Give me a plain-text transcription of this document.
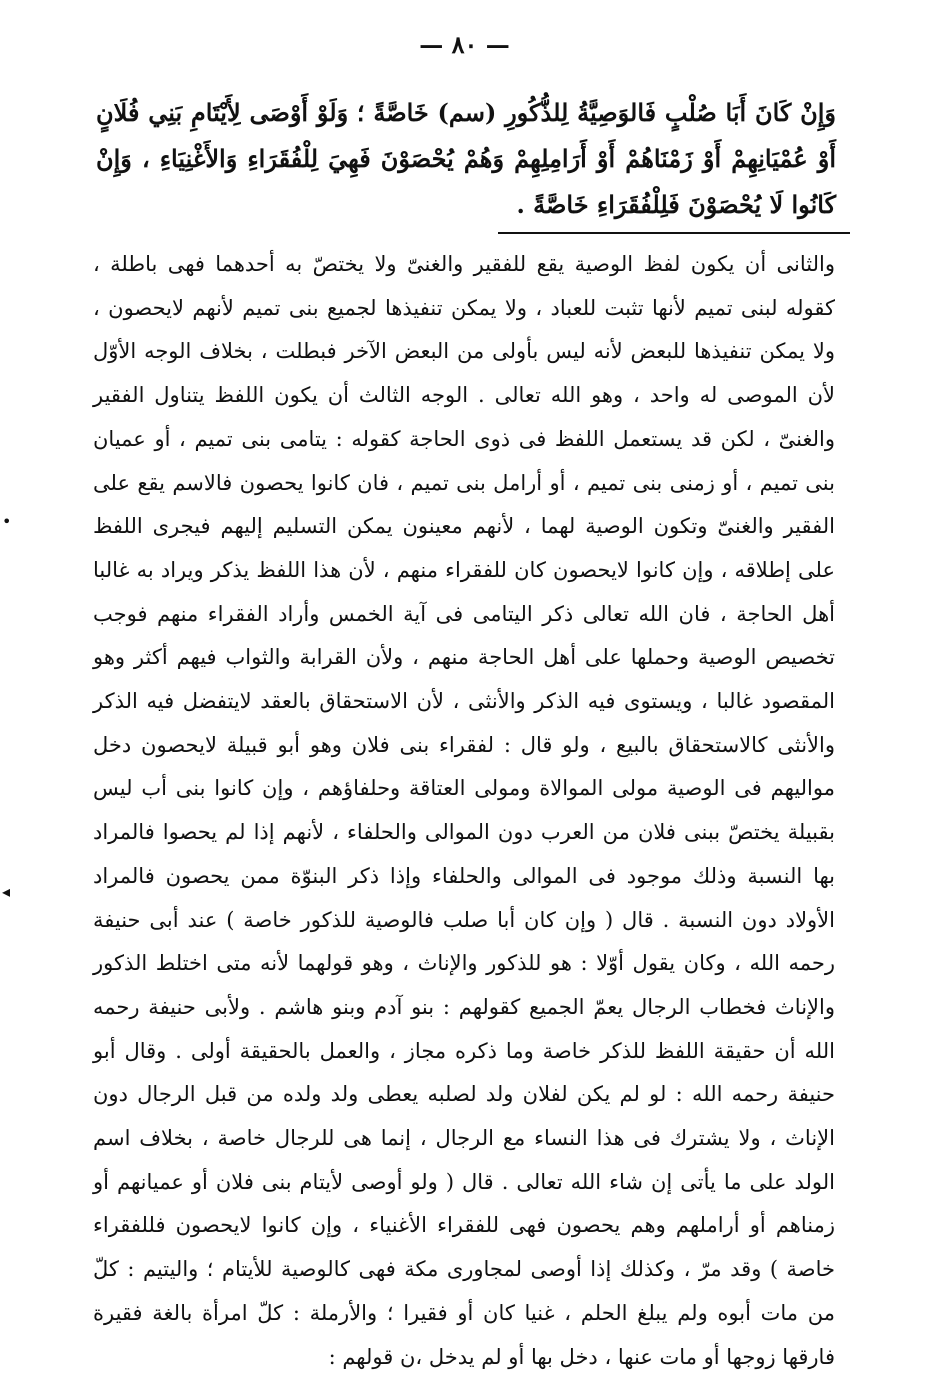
— ٨٠ —
وَإِنْ كَانَ أَبَا صُلْبٍ فَالوَصِيَّةُ لِلذُّكُورِ (سم) خَاصَّةً ؛ وَلَوْ أَوْصَى لِأَيْتَامِ بَنِي فُلَانٍ أَوْ عُمْيَانِهِمْ أَوْ زَمْنَاهُمْ أَوْ أَرَامِلِهِمْ وَهُمْ يُحْصَوْنَ فَهِيَ لِلْفُقَرَاءِ وَالأَغْنِيَاءِ ، وَإِنْ كَانُوا لَا يُحْصَوْنَ فَلِلْفُقَرَاءِ خَاصَّةً .

والثانى أن يكون لفظ الوصية يقع للفقير والغنىّ ولا يختصّ به أحدهما فهى باطلة ، كقوله لبنى تميم لأنها تثبت للعباد ، ولا يمكن تنفيذها لجميع بنى تميم لأنهم لايحصون ، ولا يمكن تنفيذها للبعض لأنه ليس بأولى من البعض الآخر فبطلت ، بخلاف الوجه الأوّل لأن الموصى له واحد ، وهو الله تعالى . الوجه الثالث أن يكون اللفظ يتناول الفقير والغنىّ ، لكن قد يستعمل اللفظ فى ذوى الحاجة كقوله : يتامى بنى تميم ، أو عميان بنى تميم ، أو زمنى بنى تميم ، أو أرامل بنى تميم ، فان كانوا يحصون فالاسم يقع على الفقير والغنىّ وتكون الوصية لهما ، لأنهم معينون يمكن التسليم إليهم فيجرى اللفظ على إطلاقه ، وإن كانوا لايحصون كان للفقراء منهم ، لأن هذا اللفظ يذكر ويراد به غالبا أهل الحاجة ، فان الله تعالى ذكر اليتامى فى آية الخمس وأراد الفقراء منهم فوجب تخصيص الوصية وحملها على أهل الحاجة منهم ، ولأن القرابة والثواب فيهم أكثر وهو المقصود غالبا ، ويستوى فيه الذكر والأنثى ، لأن الاستحقاق بالعقد لايتفضل فيه الذكر والأنثى كالاستحقاق بالبيع ، ولو قال : لفقراء بنى فلان وهو أبو قبيلة لايحصون دخل مواليهم فى الوصية مولى الموالاة ومولى العتاقة وحلفاؤهم ، وإن كانوا بنى أب ليس بقبيلة يختصّ ببنى فلان من العرب دون الموالى والحلفاء ، لأنهم إذا لم يحصوا فالمراد بها النسبة وذلك موجود فى الموالى والحلفاء وإذا ذكر البنوّة ممن يحصون فالمراد الأولاد دون النسبة . قال ( وإن كان أبا صلب فالوصية للذكور خاصة ) عند أبى حنيفة رحمه الله ، وكان يقول أوّلا : هو للذكور والإناث ، وهو قولهما لأنه متى اختلط الذكور والإناث فخطاب الرجال يعمّ الجميع كقولهم : بنو آدم وبنو هاشم . ولأبى حنيفة رحمه الله أن حقيقة اللفظ للذكر خاصة وما ذكره مجاز ، والعمل بالحقيقة أولى . وقال أبو حنيفة رحمه الله : لو لم يكن لفلان ولد لصلبه يعطى ولد ولده من قبل الرجال دون الإناث ، ولا يشترك فى هذا النساء مع الرجال ، إنما هى للرجال خاصة ، بخلاف اسم الولد على ما يأتى إن شاء الله تعالى . قال ( ولو أوصى لأيتام بنى فلان أو عميانهم أو زمناهم أو أراملهم وهم يحصون فهى للفقراء الأغنياء ، وإن كانوا لايحصون فللفقراء خاصة ) وقد مرّ ، وكذلك إذا أوصى لمجاورى مكة فهى كالوصية للأيتام ؛ واليتيم : كلّ من مات أبوه ولم يبلغ الحلم ، غنيا كان أو فقيرا ؛ والأرملة : كلّ امرأة بالغة فقيرة فارقها زوجها أو مات عنها ، دخل بها أو لم يدخل ،ن قولهم :

•
◂
